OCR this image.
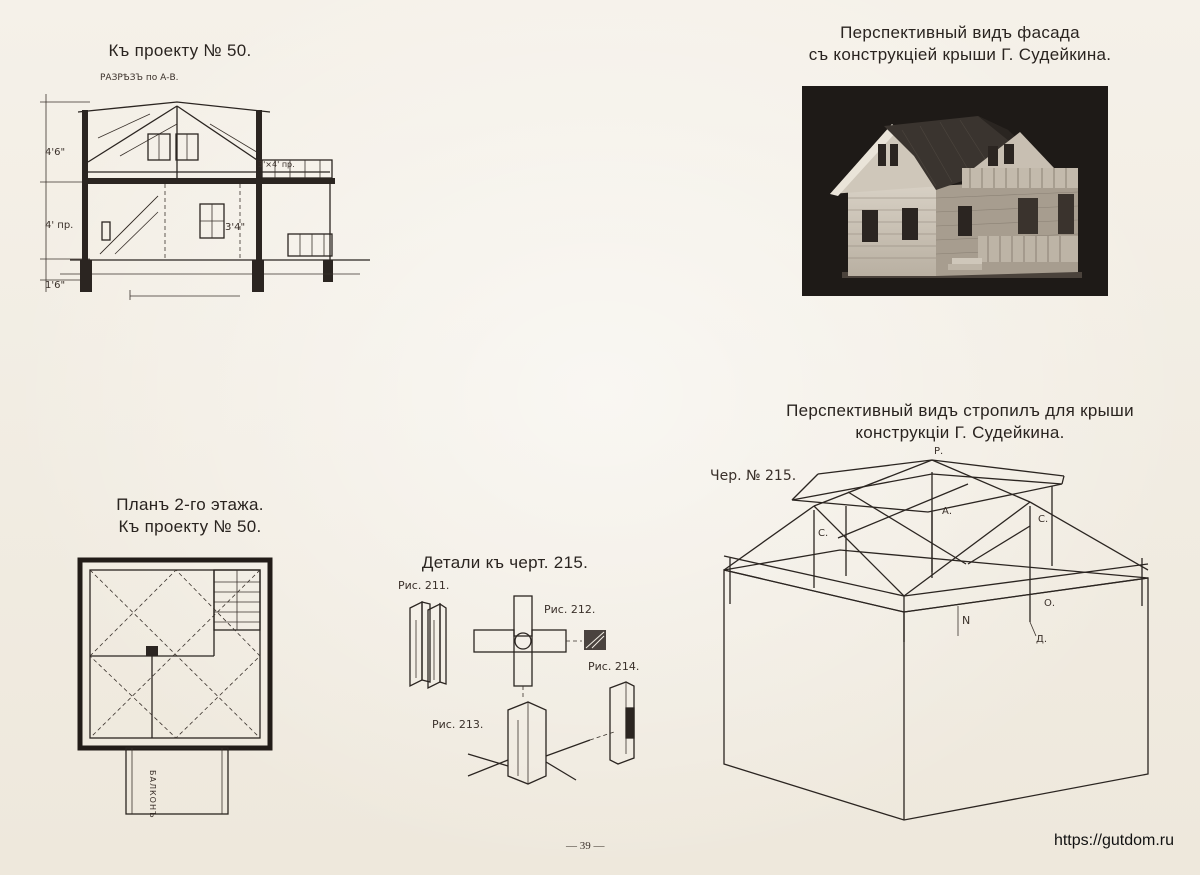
Къ проекту № 50.
РАЗРѢЗЪ по А-В.
4'6"
4' пр.
1'6"
3'4"
3'×4' пр.
Перспективный видъ фасада
съ конструкціей крыши Г. Судейкина.
Планъ 2-го этажа.
Къ проекту № 50.
БАЛКОНЪ
Детали къ черт. 215.
Рис. 211.
Рис. 212.
Рис. 214.
Рис. 213.
Перспективный видъ стропилъ для крыши
конструкціи Г. Судейкина.
Чер. № 215.
Р.
А.
С.
С.
О.
Д.
N
— 39 —	https://gutdom.ru
